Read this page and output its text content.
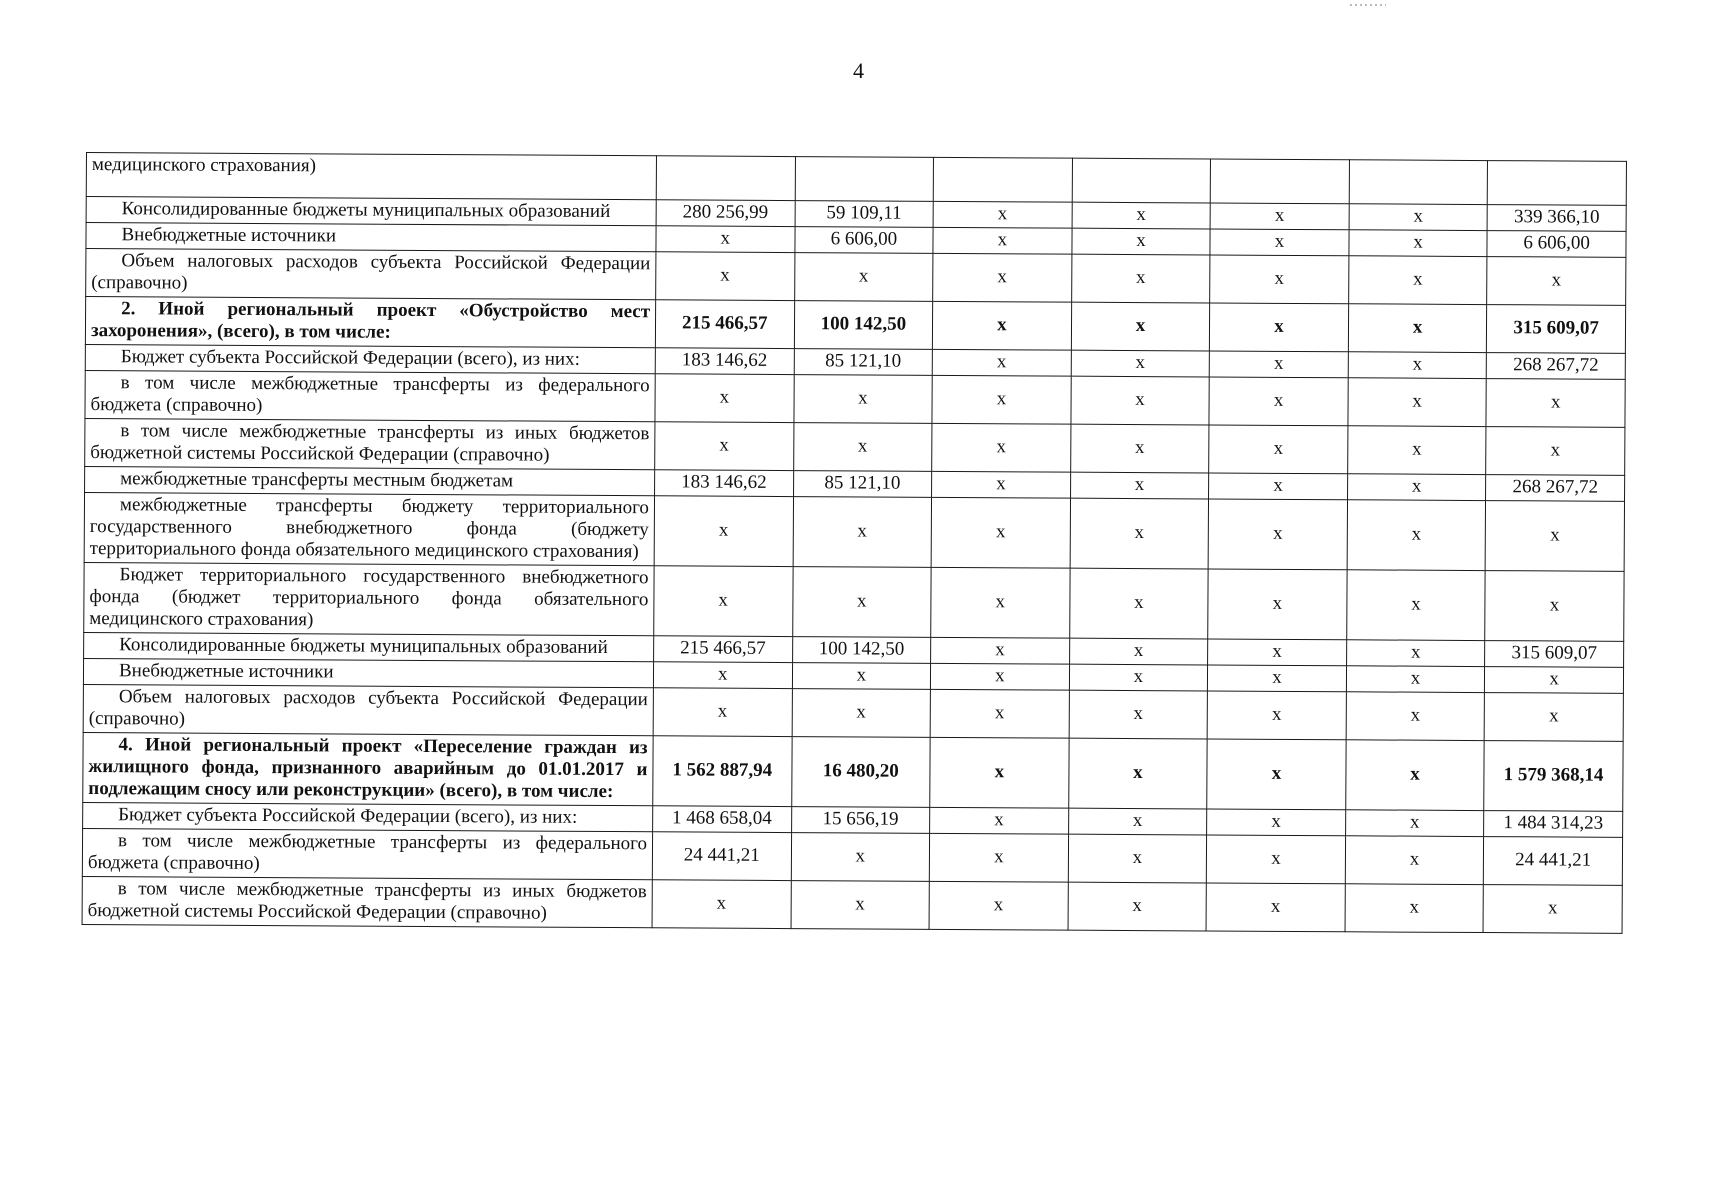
4
медицинского страхования)							

Консолидированные бюджеты муниципальных образований	280 256,99	59 109,11	x	x	x	x	339 366,10

Внебюджетные источники	x	6 606,00	x	x	x	x	6 606,00

Объем налоговых расходов субъекта Российской Федерации (справочно)	x	x	x	x	x	x	x

2. Иной региональный проект «Обустройство мест захоронения», (всего), в том числе:	215 466,57	100 142,50	x	x	x	x	315 609,07

Бюджет субъекта Российской Федерации (всего), из них:	183 146,62	85 121,10	x	x	x	x	268 267,72

в том числе межбюджетные трансферты из федерального бюджета (справочно)	x	x	x	x	x	x	x

в том числе межбюджетные трансферты из иных бюджетов бюджетной системы Российской Федерации (справочно)	x	x	x	x	x	x	x

межбюджетные трансферты местным бюджетам	183 146,62	85 121,10	x	x	x	x	268 267,72

межбюджетные трансферты бюджету территориального государственного внебюджетного фонда (бюджету территориального фонда обязательного медицинского страхования)	x	x	x	x	x	x	x

Бюджет территориального государственного внебюджетного фонда (бюджет территориального фонда обязательного медицинского страхования)	x	x	x	x	x	x	x

Консолидированные бюджеты муниципальных образований	215 466,57	100 142,50	x	x	x	x	315 609,07

Внебюджетные источники	x	x	x	x	x	x	x

Объем налоговых расходов субъекта Российской Федерации (справочно)	x	x	x	x	x	x	x

4. Иной региональный проект «Переселение граждан из жилищного фонда, признанного аварийным до 01.01.2017 и подлежащим сносу или реконструкции» (всего), в том числе:	1 562 887,94	16 480,20	x	x	x	x	1 579 368,14

Бюджет субъекта Российской Федерации (всего), из них:	1 468 658,04	15 656,19	x	x	x	x	1 484 314,23

в том числе межбюджетные трансферты из федерального бюджета (справочно)	24 441,21	x	x	x	x	x	24 441,21

в том числе межбюджетные трансферты из иных бюджетов бюджетной системы Российской Федерации (справочно)	x	x	x	x	x	x	x
